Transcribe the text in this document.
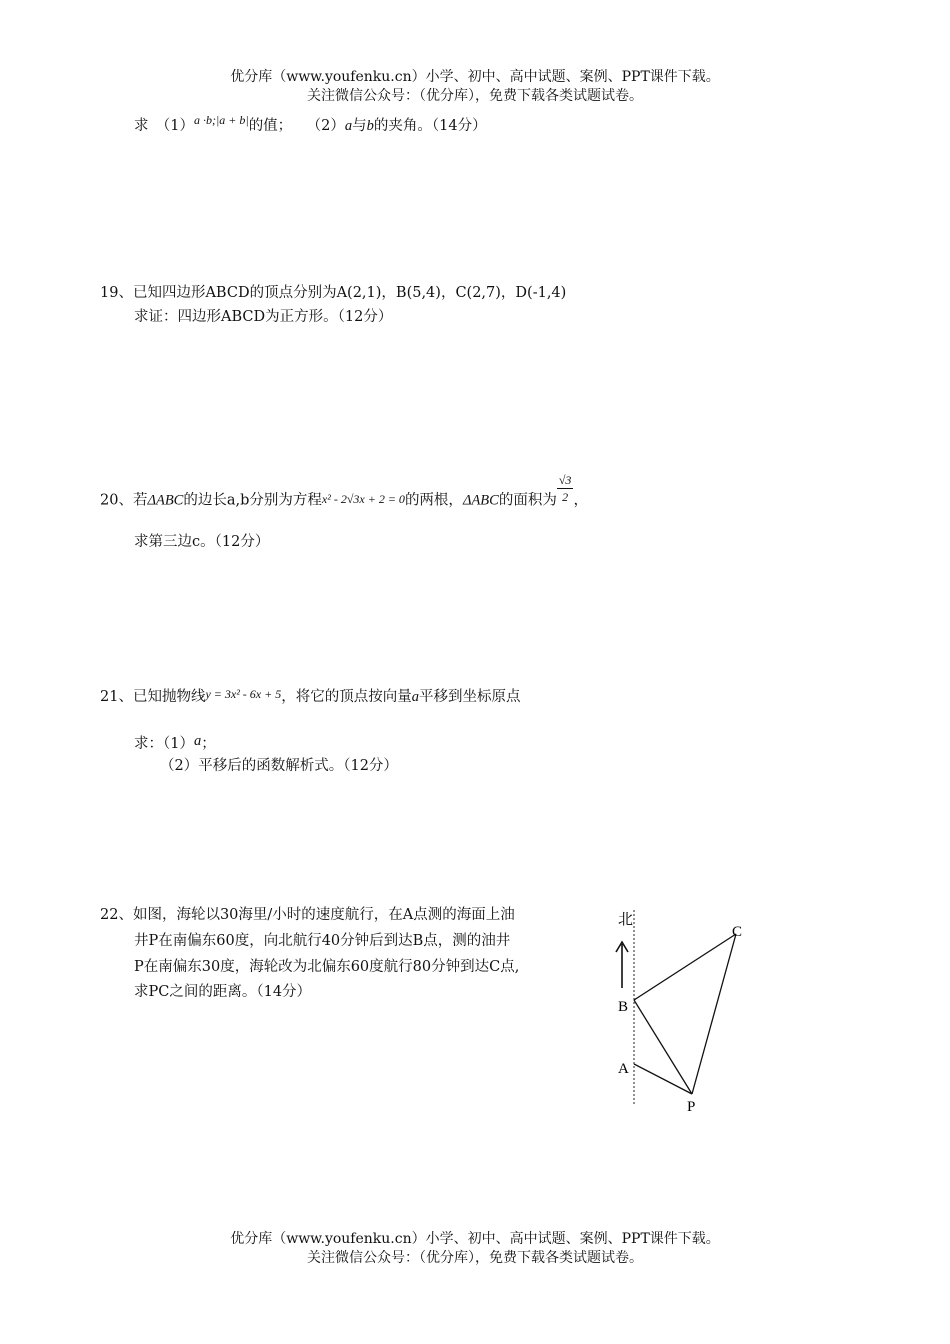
优分库（www.youfenku.cn）小学、初中、高中试题、案例、PPT课件下载。
关注微信公众号：（优分库），免费下载各类试题试卷。
求　$(1)^{a \cdot b;|a + b|}$的值；　　（2）a与b的夹角。（14分）
19、已知四边形ABCD的顶点分别为A(2,1)，B(5,4)，C(2,7)，D(-1,4)
求证：四边形ABCD为正方形。（12分）
20、若ΔABC的边长a,b分别为方程x² - 2√3x + 2 = 0的两根，ΔABC的面积为 $\frac{√3}{2}$ ，
求第三边c。（12分）
21、已知抛物线$^{y = 3x^2 - 6x + 5}$，将它的顶点按向量a平移到坐标原点
求：（1）a；
（2）平移后的函数解析式。（12分）
22、如图，海轮以30海里/小时的速度航行，在A点测的海面上油
井P在南偏东60度，向北航行40分钟后到达B点，测的油井
P在南偏东30度，海轮改为北偏东60度航行80分钟到达C点,
求PC之间的距离。（14分）
北
B
A
C
P
优分库（www.youfenku.cn）小学、初中、高中试题、案例、PPT课件下载。
关注微信公众号：（优分库），免费下载各类试题试卷。
